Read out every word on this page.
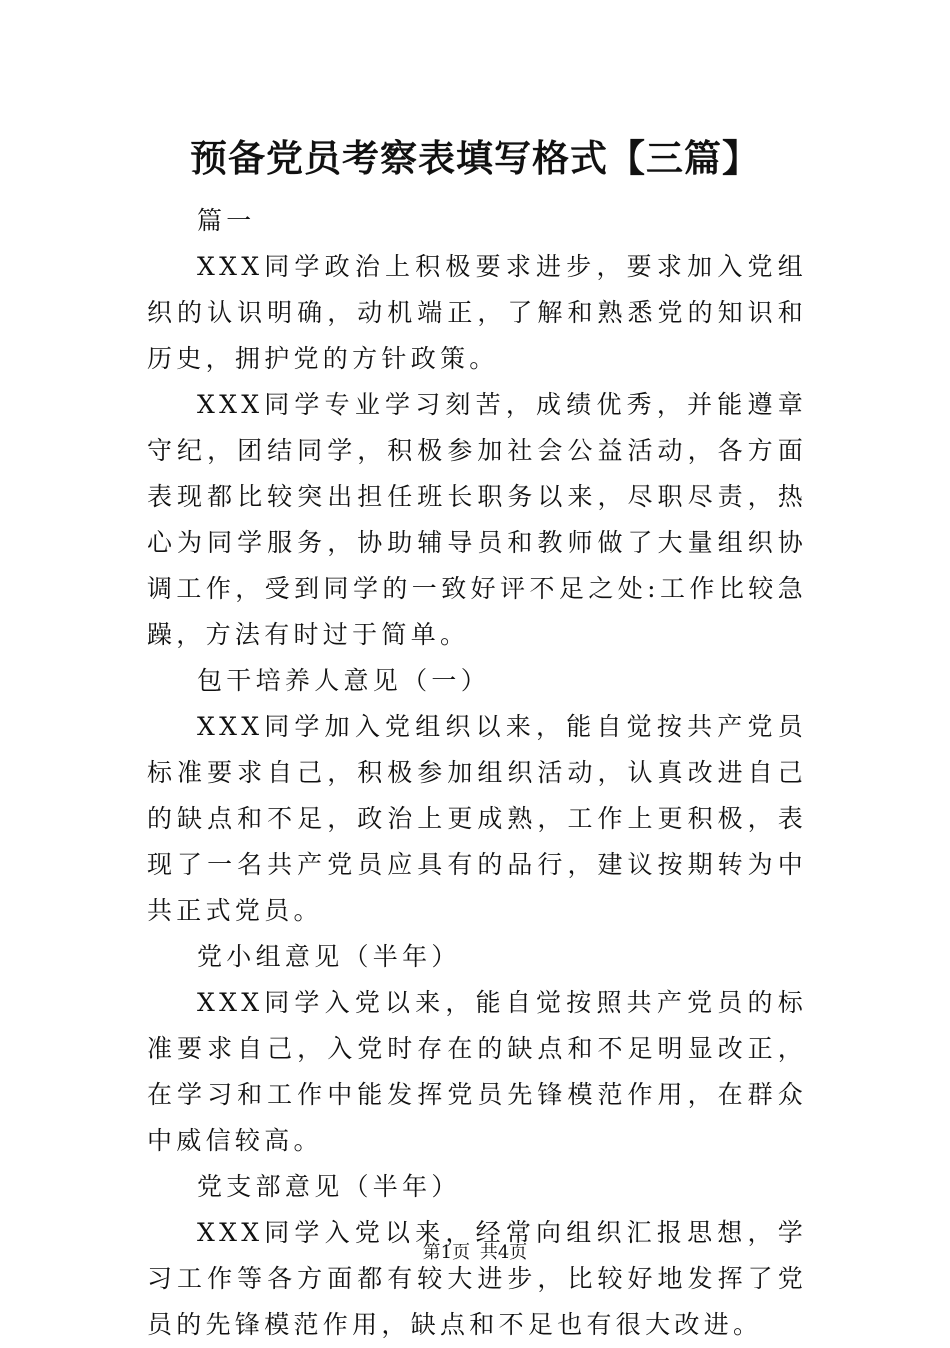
预备党员考察表填写格式【三篇】

篇一

XXX同学政治上积极要求进步，要求加入党组织的认识明确，动机端正，了解和熟悉党的知识和历史，拥护党的方针政策。

XXX同学专业学习刻苦，成绩优秀，并能遵章守纪，团结同学，积极参加社会公益活动，各方面表现都比较突出担任班长职务以来，尽职尽责，热心为同学服务，协助辅导员和教师做了大量组织协调工作，受到同学的一致好评不足之处:工作比较急躁，方法有时过于简单。

包干培养人意见（一）

XXX同学加入党组织以来，能自觉按共产党员标准要求自己，积极参加组织活动，认真改进自己的缺点和不足，政治上更成熟，工作上更积极，表现了一名共产党员应具有的品行，建议按期转为中共正式党员。

党小组意见（半年）

XXX同学入党以来，能自觉按照共产党员的标准要求自己，入党时存在的缺点和不足明显改正，在学习和工作中能发挥党员先锋模范作用，在群众中威信较高。

党支部意见（半年）

XXX同学入党以来，经常向组织汇报思想，学习工作等各方面都有较大进步，比较好地发挥了党员的先锋模范作用，缺点和不足也有很大改进。

第1页 共4页
